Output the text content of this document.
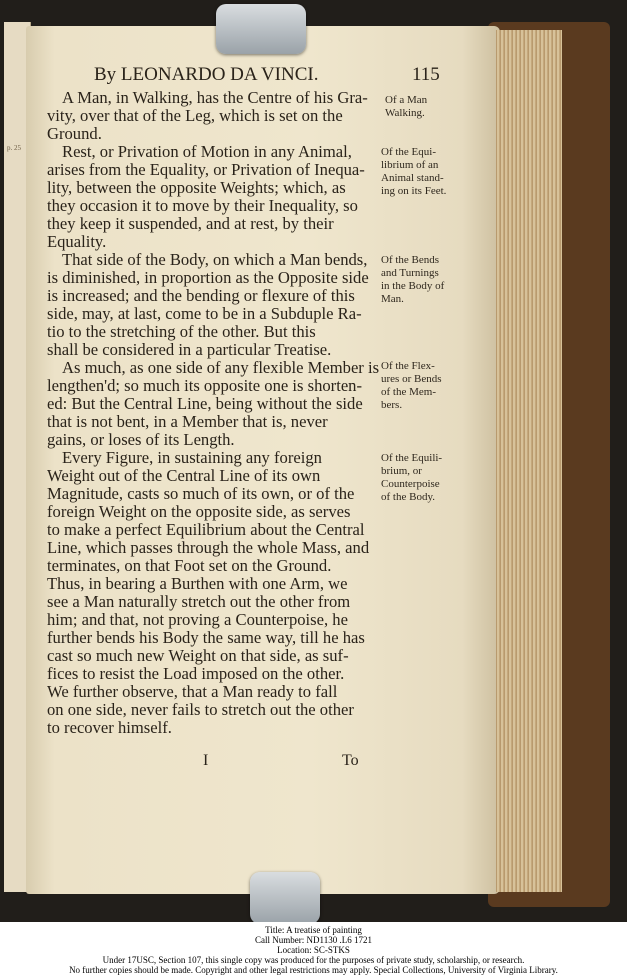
p. 25
By LEONARDO DA VINCI.	115
A Man, in Walking, has the Centre of his Gra-
vity, over that of the Leg, which is set on the
Ground.
Rest, or Privation of Motion in any Animal,
arises from the Equality, or Privation of Inequa-
lity, between the opposite Weights; which, as
they occasion it to move by their Inequality, so
they keep it suspended, and at rest, by their
Equality.
That side of the Body, on which a Man bends,
is diminished, in proportion as the Opposite side
is increased; and the bending or flexure of this
side, may, at last, come to be in a Subduple Ra-
tio to the stretching of the other. But this
shall be considered in a particular Treatise.
As much, as one side of any flexible Member is
lengthen'd; so much its opposite one is shorten-
ed: But the Central Line, being without the side
that is not bent, in a Member that is, never
gains, or loses of its Length.
Every Figure, in sustaining any foreign
Weight out of the Central Line of its own
Magnitude, casts so much of its own, or of the
foreign Weight on the opposite side, as serves
to make a perfect Equilibrium about the Central
Line, which passes through the whole Mass, and
terminates, on that Foot set on the Ground.
Thus, in bearing a Burthen with one Arm, we
see a Man naturally stretch out the other from
him; and that, not proving a Counterpoise, he
further bends his Body the same way, till he has
cast so much new Weight on that side, as suf-
fices to resist the Load imposed on the other.
We further observe, that a Man ready to fall
on one side, never fails to stretch out the other
to recover himself.
I	To
Of a Man
Walking.
Of the Equi-
librium of an
Animal stand-
ing on its Feet.
Of the Bends
and Turnings
in the Body of
Man.
Of the Flex-
ures or Bends
of the Mem-
bers.
Of the Equili-
brium, or
Counterpoise
of the Body.
Title: A treatise of painting
Call Number: ND1130 .L6 1721
Location: SC-STKS
Under 17USC, Section 107, this single copy was produced for the purposes of private study, scholarship, or research.
No further copies should be made. Copyright and other legal restrictions may apply. Special Collections, University of Virginia Library.
